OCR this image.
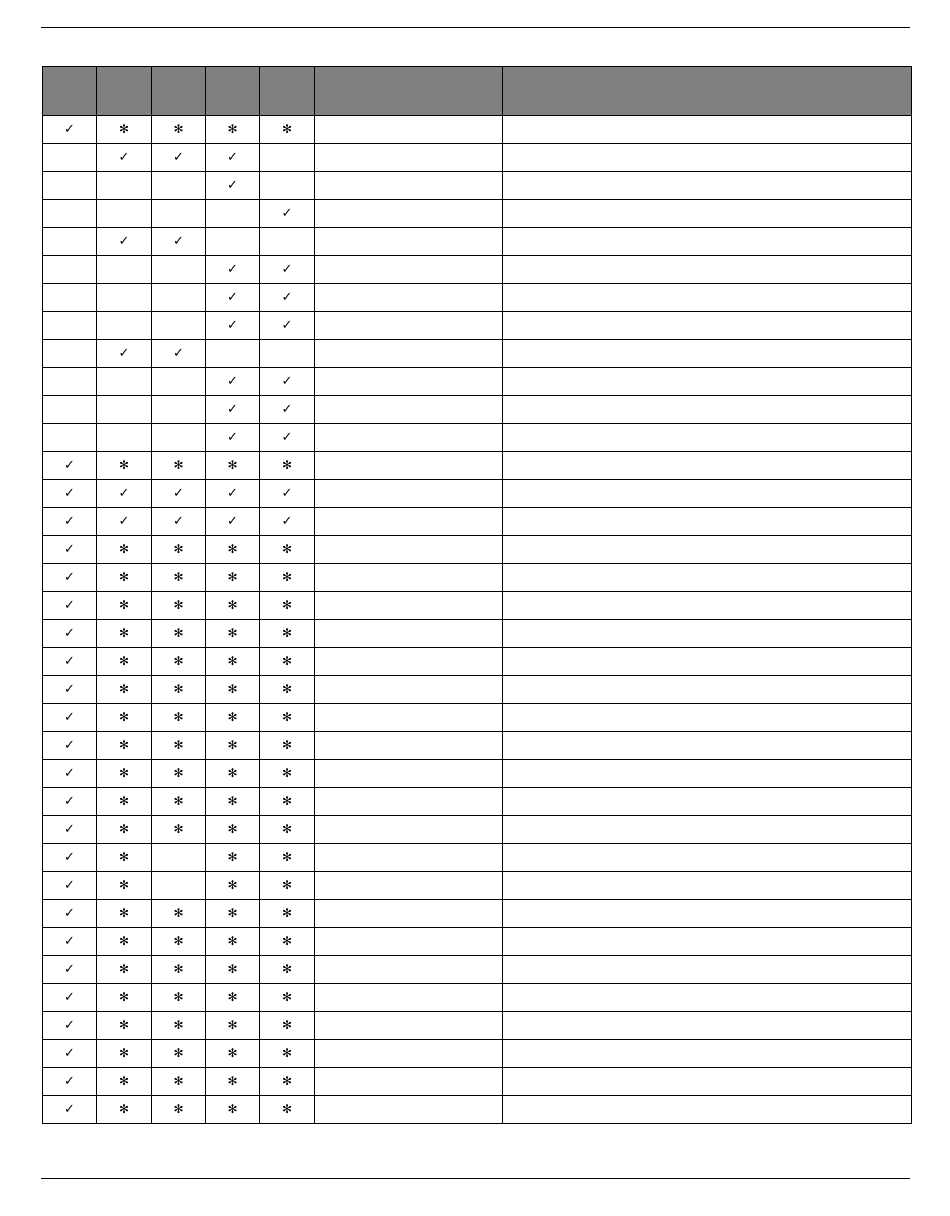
✓	✻	✻	✻	✻		
	✓	✓	✓			
			✓			
				✓		
	✓	✓				
			✓	✓		
			✓	✓		
			✓	✓		
	✓	✓				
			✓	✓		
			✓	✓		
			✓	✓		
✓	✻	✻	✻	✻		
✓	✓	✓	✓	✓		
✓	✓	✓	✓	✓		
✓	✻	✻	✻	✻		
✓	✻	✻	✻	✻		
✓	✻	✻	✻	✻		
✓	✻	✻	✻	✻		
✓	✻	✻	✻	✻		
✓	✻	✻	✻	✻		
✓	✻	✻	✻	✻		
✓	✻	✻	✻	✻		
✓	✻	✻	✻	✻		
✓	✻	✻	✻	✻		
✓	✻	✻	✻	✻		
✓	✻		✻	✻		
✓	✻		✻	✻		
✓	✻	✻	✻	✻		
✓	✻	✻	✻	✻		
✓	✻	✻	✻	✻		
✓	✻	✻	✻	✻		
✓	✻	✻	✻	✻		
✓	✻	✻	✻	✻		
✓	✻	✻	✻	✻		
✓	✻	✻	✻	✻		
